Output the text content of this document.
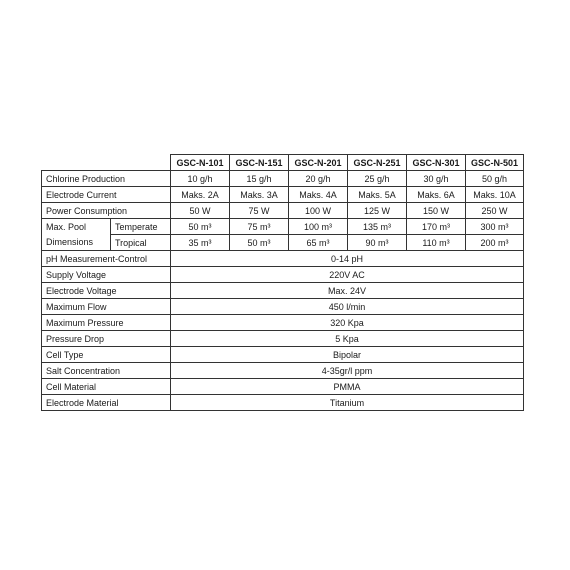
		GSC-N-101	GSC-N-151	GSC-N-201	GSC-N-251	GSC-N-301	GSC-N-501
Chlorine Production		10 g/h	15 g/h	20 g/h	25 g/h	30 g/h	50 g/h
Electrode Current		Maks. 2A	Maks. 3A	Maks. 4A	Maks. 5A	Maks. 6A	Maks. 10A
Power Consumption		50 W	75 W	100 W	125 W	150 W	250 W
Max. Pool	Temperate	50 m³	75 m³	100 m³	135 m³	170 m³	300 m³
Dimensions	Tropical	35 m³	50 m³	65 m³	90 m³	110 m³	200 m³
pH Measurement-Control		0-14 pH					
Supply Voltage		220V AC					
Electrode Voltage		Max. 24V					
Maximum Flow		450 l/min					
Maximum Pressure		320 Kpa					
Pressure Drop		5 Kpa					
Cell Type		Bipolar					
Salt Concentration		4-35gr/l ppm					
Cell Material		PMMA					
Electrode Material		Titanium					
